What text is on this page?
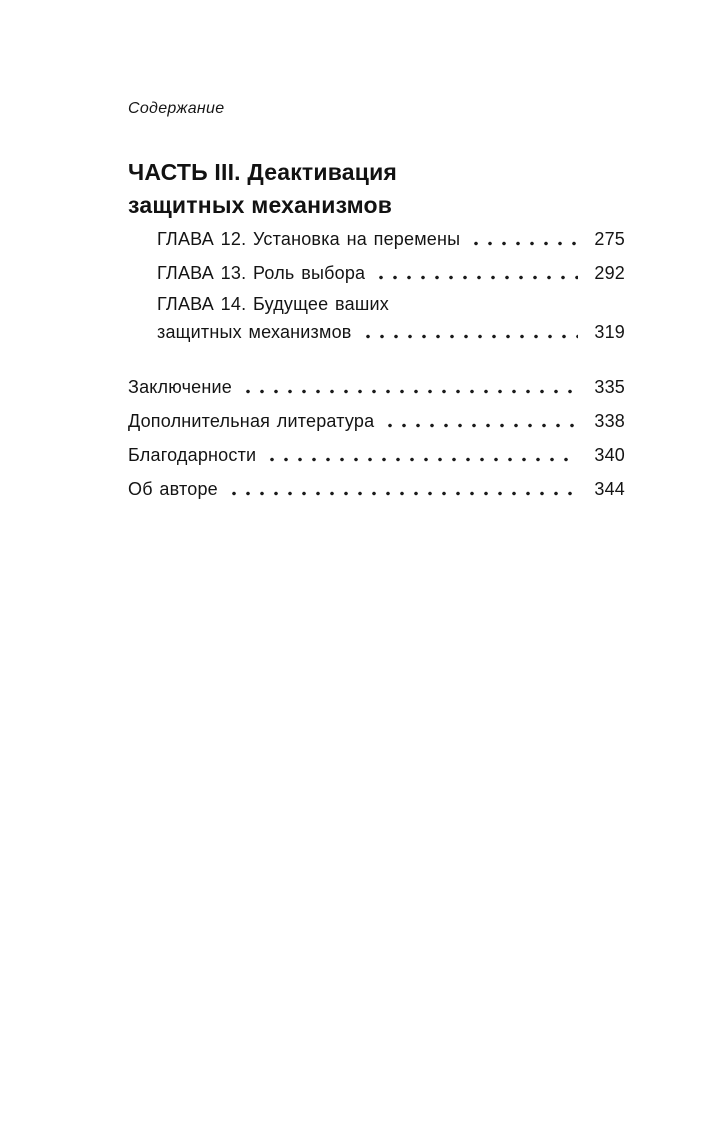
Содержание
ЧАСТЬ III. Деактивация
защитных механизмов
ГЛАВА 12. Установка на перемены	275
ГЛАВА 13. Роль выбора	292
ГЛАВА 14. Будущее ваших
защитных механизмов	319
Заключение	335
Дополнительная литература	338
Благодарности	340
Об авторе	344
